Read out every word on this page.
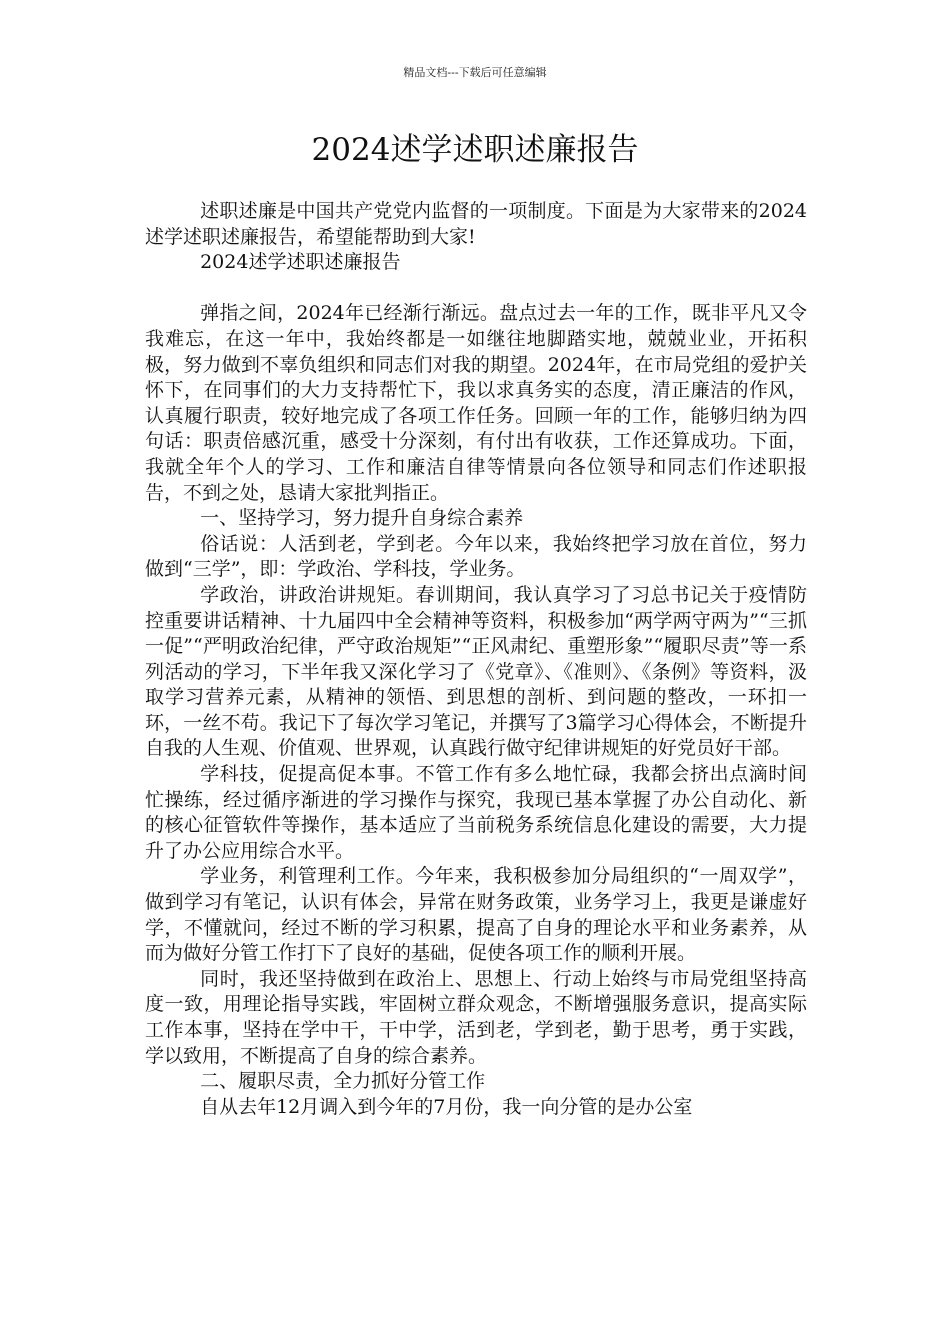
精品文档---下载后可任意编辑
2024述学述职述廉报告

述职述廉是中国共产党党内监督的一项制度。下面是为大家带来的2024述学述职述廉报告，希望能帮助到大家!

2024述学述职述廉报告

弹指之间，2024年已经渐行渐远。盘点过去一年的工作，既非平凡又令我难忘，在这一年中，我始终都是一如继往地脚踏实地，兢兢业业，开拓积极，努力做到不辜负组织和同志们对我的期望。2024年，在市局党组的爱护关怀下，在同事们的大力支持帮忙下，我以求真务实的态度，清正廉洁的作风，认真履行职责，较好地完成了各项工作任务。回顾一年的工作，能够归纳为四句话：职责倍感沉重，感受十分深刻，有付出有收获，工作还算成功。下面，我就全年个人的学习、工作和廉洁自律等情景向各位领导和同志们作述职报告，不到之处，恳请大家批判指正。

一、坚持学习，努力提升自身综合素养

俗话说：人活到老，学到老。今年以来，我始终把学习放在首位，努力做到“三学”，即：学政治、学科技，学业务。

学政治，讲政治讲规矩。春训期间，我认真学习了习总书记关于疫情防控重要讲话精神、十九届四中全会精神等资料，积极参加“两学两守两为”“三抓一促”“严明政治纪律，严守政治规矩”“正风肃纪、重塑形象”“履职尽责”等一系列活动的学习，下半年我又深化学习了《党章》、《准则》、《条例》等资料，汲取学习营养元素，从精神的领悟、到思想的剖析、到问题的整改，一环扣一环，一丝不苟。我记下了每次学习笔记，并撰写了3篇学习心得体会，不断提升自我的人生观、价值观、世界观，认真践行做守纪律讲规矩的好党员好干部。

学科技，促提高促本事。不管工作有多么地忙碌，我都会挤出点滴时间忙操练，经过循序渐进的学习操作与探究，我现已基本掌握了办公自动化、新的核心征管软件等操作，基本适应了当前税务系统信息化建设的需要，大力提升了办公应用综合水平。

学业务，利管理利工作。今年来，我积极参加分局组织的“一周双学”，做到学习有笔记，认识有体会，异常在财务政策，业务学习上，我更是谦虚好学，不懂就问，经过不断的学习积累，提高了自身的理论水平和业务素养，从而为做好分管工作打下了良好的基础，促使各项工作的顺利开展。

同时，我还坚持做到在政治上、思想上、行动上始终与市局党组坚持高度一致，用理论指导实践，牢固树立群众观念，不断增强服务意识，提高实际工作本事，坚持在学中干，干中学，活到老，学到老，勤于思考，勇于实践，学以致用，不断提高了自身的综合素养。

二、履职尽责，全力抓好分管工作

自从去年12月调入到今年的7月份，我一向分管的是办公室
